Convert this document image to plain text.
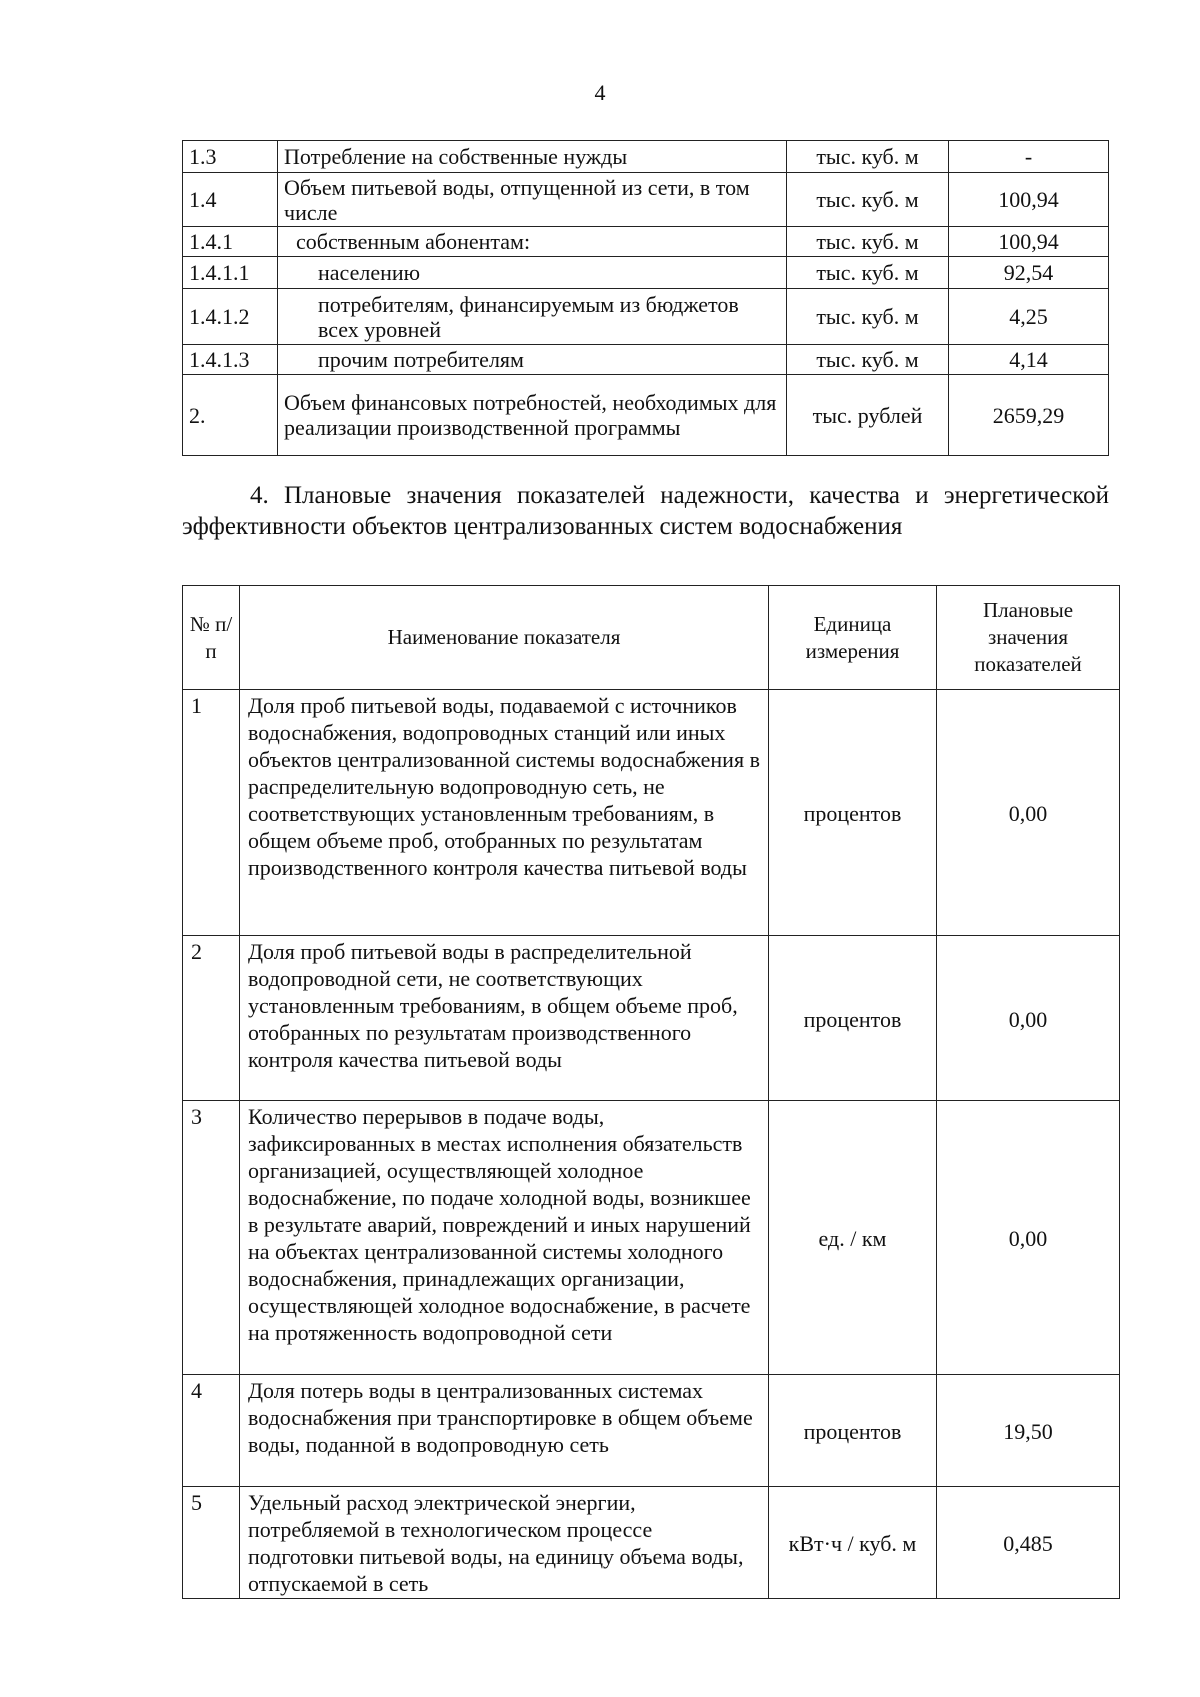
4
1.3	Потребление на собственные нужды	тыс. куб. м	-
1.4	Объем питьевой воды, отпущенной из сети, в том числе	тыс. куб. м	100,94
1.4.1	собственным абонентам:	тыс. куб. м	100,94
1.4.1.1	населению	тыс. куб. м	92,54
1.4.1.2	потребителям, финансируемым из бюджетов всех уровней	тыс. куб. м	4,25
1.4.1.3	прочим потребителям	тыс. куб. м	4,14
2.	Объем финансовых потребностей, необходимых для реализации производственной программы	тыс. рублей	2659,29
4. Плановые значения показателей надежности, качества и энергетической эффективности объектов централизованных систем водоснабжения
№ п/п	Наименование показателя	Единица измерения	Плановые значения показателей
1	Доля проб питьевой воды, подаваемой с источников водоснабжения, водопроводных станций или иных объектов централизованной системы водоснабжения в распределительную водопроводную сеть, не соответствующих установленным требованиям, в общем объеме проб, отобранных по результатам производственного контроля качества питьевой воды	процентов	0,00
2	Доля проб питьевой воды в распределительной водопроводной сети, не соответствующих установленным требованиям, в общем объеме проб, отобранных по результатам производственного контроля качества питьевой воды	процентов	0,00
3	Количество перерывов в подаче воды, зафиксированных в местах исполнения обязательств организацией, осуществляющей холодное водоснабжение, по подаче холодной воды, возникшее в результате аварий, повреждений и иных нарушений на объектах централизованной системы холодного водоснабжения, принадлежащих организации, осуществляющей холодное водоснабжение, в расчете на протяженность водопроводной сети	ед. / км	0,00
4	Доля потерь воды в централизованных системах водоснабжения при транспортировке в общем объеме воды, поданной в водопроводную сеть	процентов	19,50
5	Удельный расход электрической энергии, потребляемой в технологическом процессе подготовки питьевой воды, на единицу объема воды, отпускаемой в сеть	кВт·ч / куб. м	0,485
